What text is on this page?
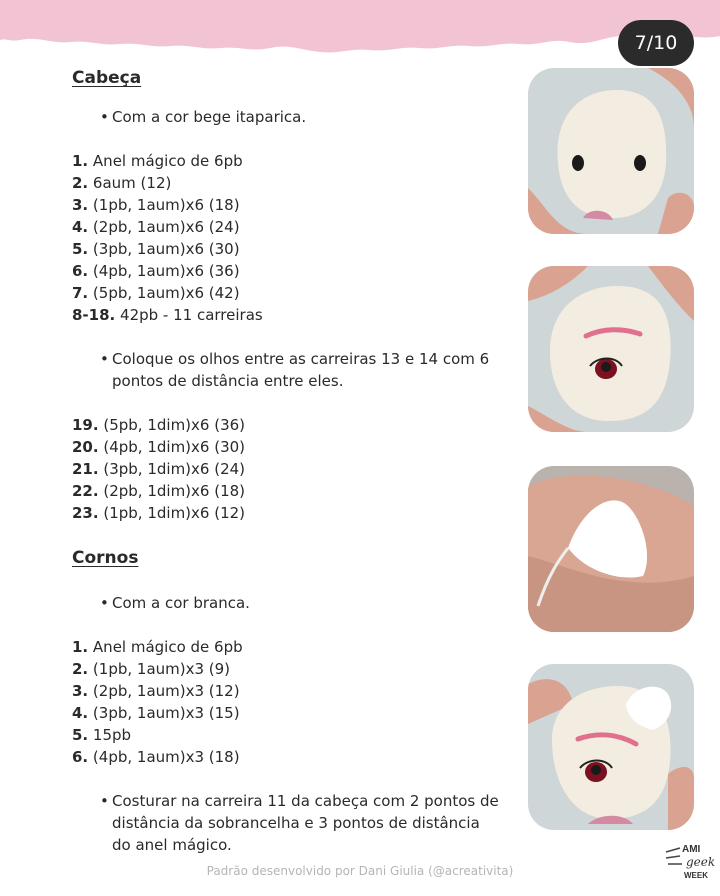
7/10
Cabeça
• Com a cor bege itaparica.
1. Anel mágico de 6pb
2. 6aum (12)
3. (1pb, 1aum)x6 (18)
4. (2pb, 1aum)x6 (24)
5. (3pb, 1aum)x6 (30)
6. (4pb, 1aum)x6 (36)
7. (5pb, 1aum)x6 (42)
8-18. 42pb - 11 carreiras
• Coloque os olhos entre as carreiras 13 e 14 com 6
pontos de distância entre eles.
19. (5pb, 1dim)x6 (36)
20. (4pb, 1dim)x6 (30)
21. (3pb, 1dim)x6 (24)
22. (2pb, 1dim)x6 (18)
23. (1pb, 1dim)x6 (12)
Cornos
• Com a cor branca.
1. Anel mágico de 6pb
2. (1pb, 1aum)x3 (9)
3. (2pb, 1aum)x3 (12)
4. (3pb, 1aum)x3 (15)
5. 15pb
6. (4pb, 1aum)x3 (18)
• Costurar na carreira 11 da cabeça com 2 pontos de
distância da sobrancelha e 3 pontos de distância
do anel mágico.
Padrão desenvolvido por Dani Giulia (@acreativita)
AMI
geek
WEEK
